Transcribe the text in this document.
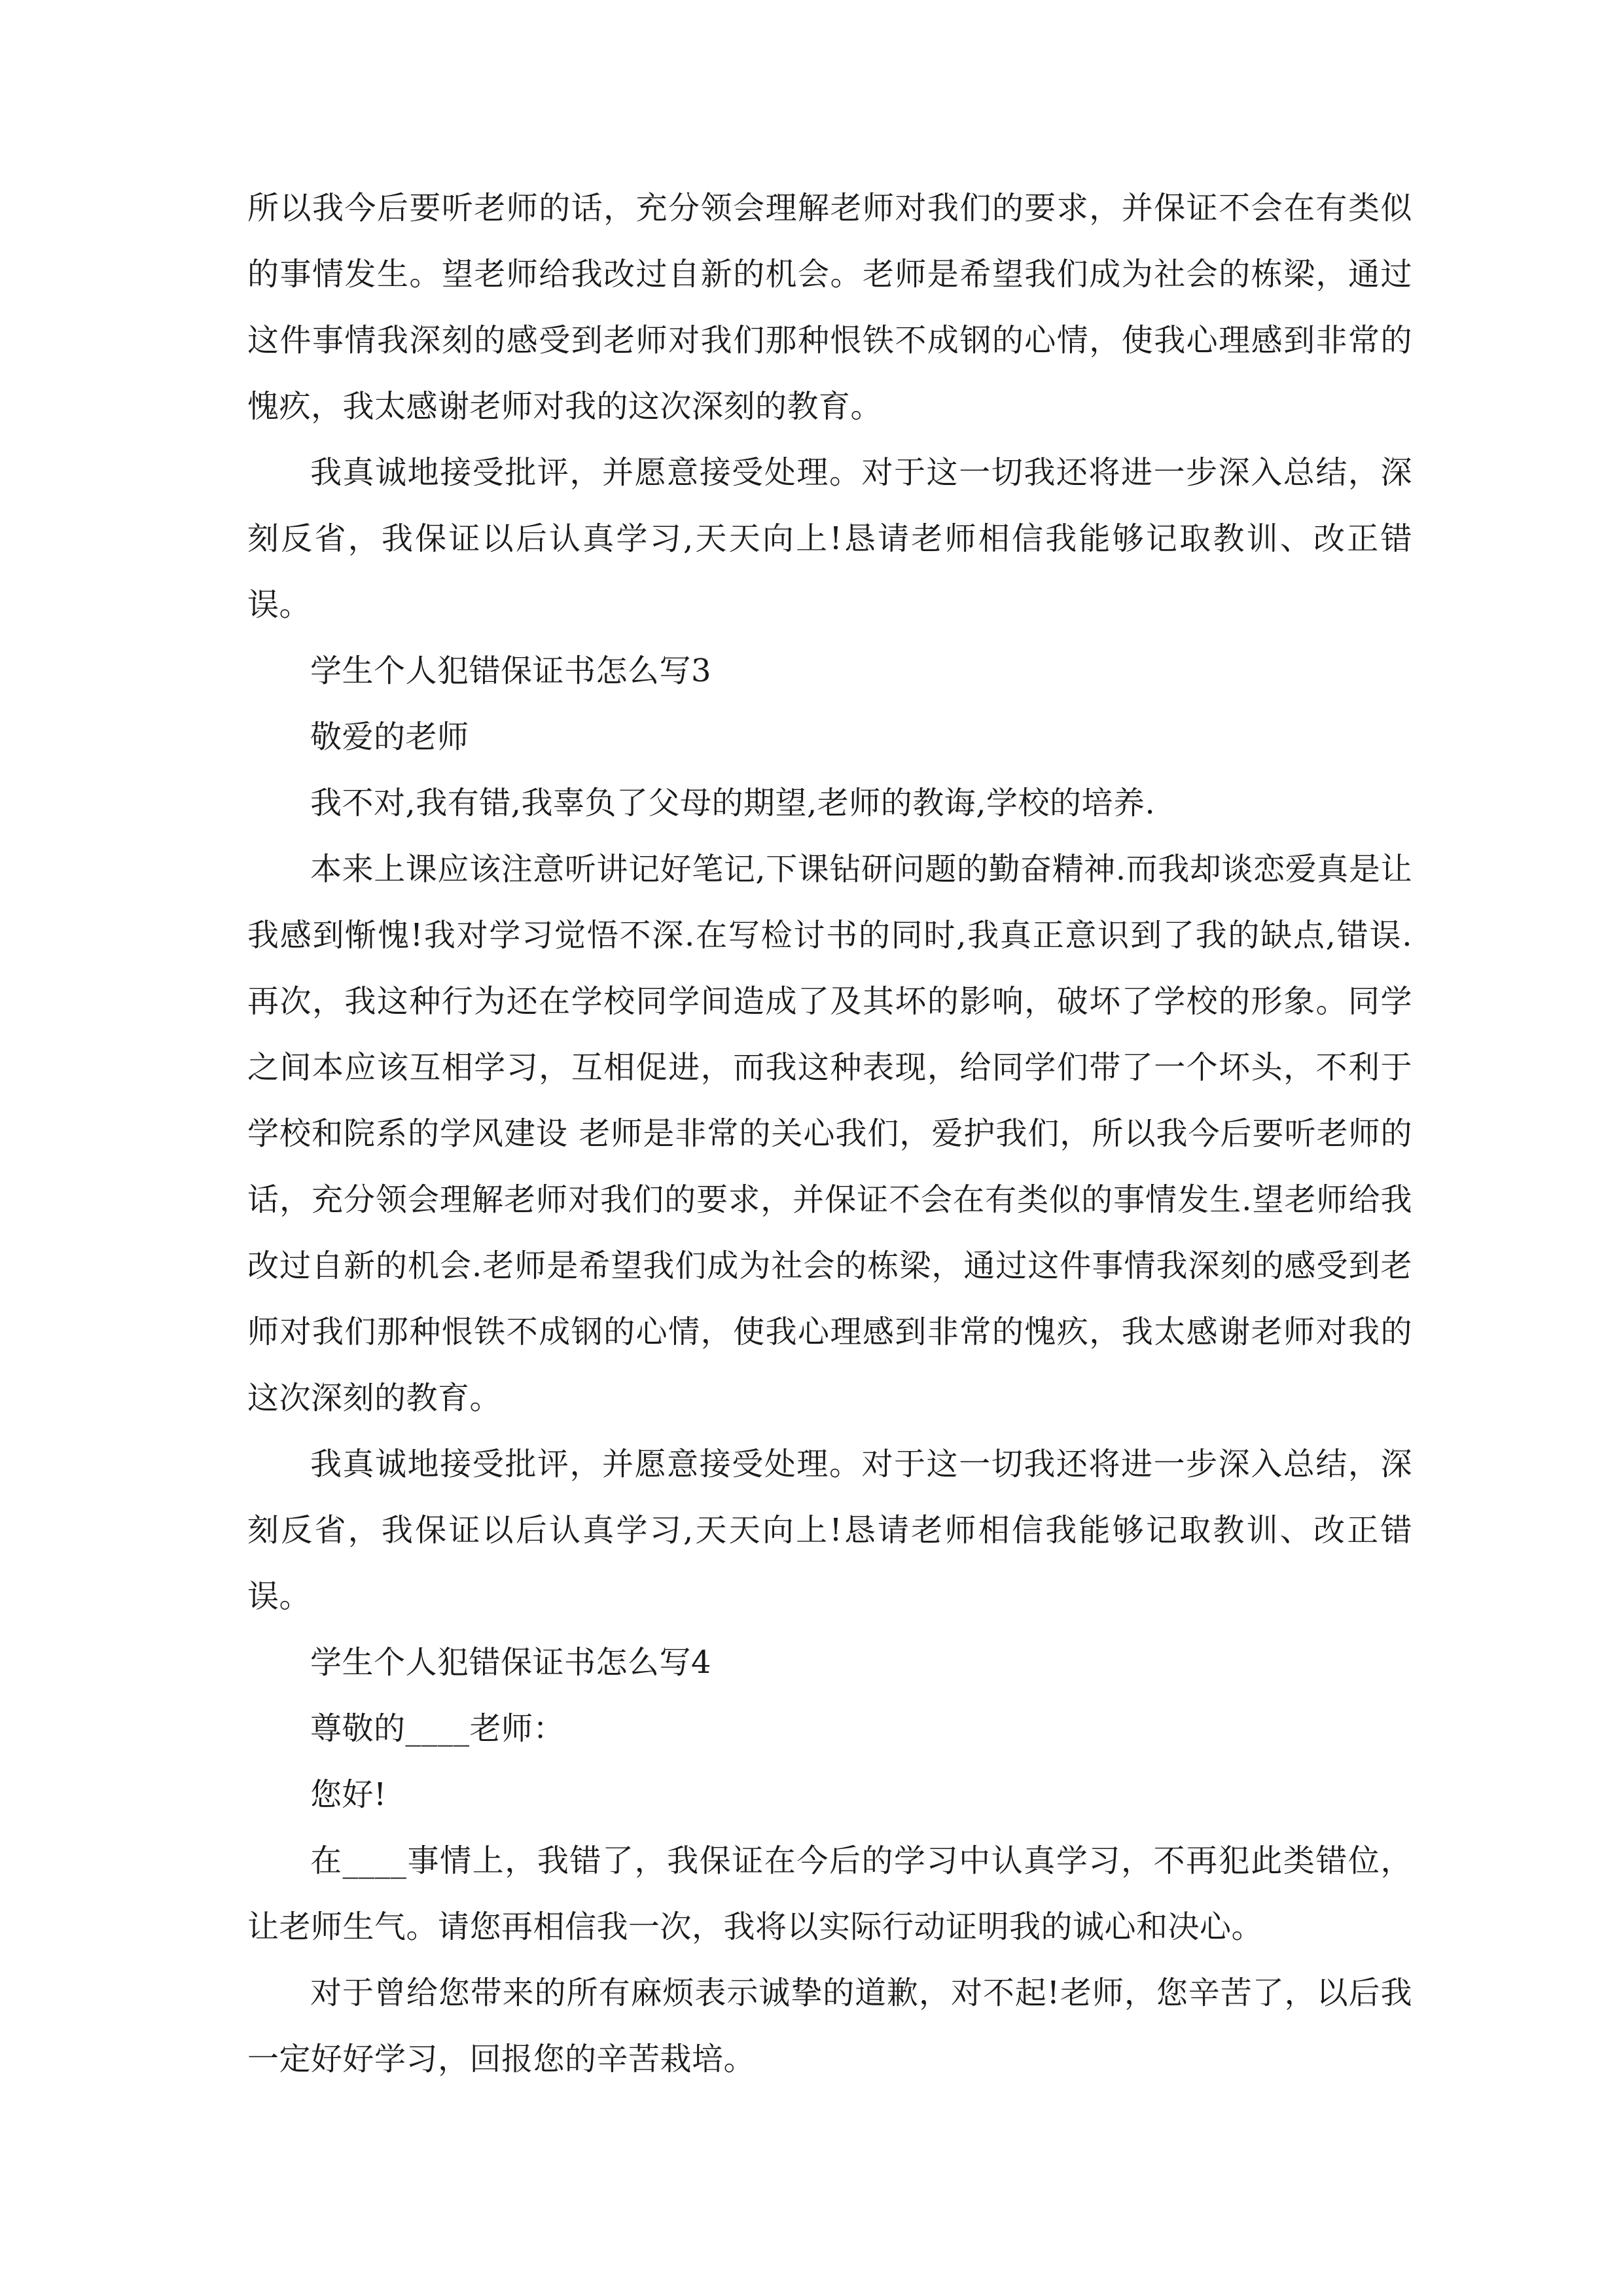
所以我今后要听老师的话，充分领会理解老师对我们的要求，并保证不会在有类似的事情发生。望老师给我改过自新的机会。老师是希望我们成为社会的栋梁，通过这件事情我深刻的感受到老师对我们那种恨铁不成钢的心情，使我心理感到非常的愧疚，我太感谢老师对我的这次深刻的教育。

我真诚地接受批评，并愿意接受处理。对于这一切我还将进一步深入总结，深刻反省，我保证以后认真学习,天天向上!恳请老师相信我能够记取教训、改正错误。

学生个人犯错保证书怎么写3

敬爱的老师

我不对,我有错,我辜负了父母的期望,老师的教诲,学校的培养.

本来上课应该注意听讲记好笔记,下课钻研问题的勤奋精神.而我却谈恋爱真是让我感到惭愧!我对学习觉悟不深.在写检讨书的同时,我真正意识到了我的缺点,错误.再次，我这种行为还在学校同学间造成了及其坏的影响，破坏了学校的形象。同学之间本应该互相学习，互相促进，而我这种表现，给同学们带了一个坏头，不利于学校和院系的学风建设 老师是非常的关心我们，爱护我们，所以我今后要听老师的话，充分领会理解老师对我们的要求，并保证不会在有类似的事情发生.望老师给我改过自新的机会.老师是希望我们成为社会的栋梁，通过这件事情我深刻的感受到老师对我们那种恨铁不成钢的心情，使我心理感到非常的愧疚，我太感谢老师对我的这次深刻的教育。

我真诚地接受批评，并愿意接受处理。对于这一切我还将进一步深入总结，深刻反省，我保证以后认真学习,天天向上!恳请老师相信我能够记取教训、改正错误。

学生个人犯错保证书怎么写4

尊敬的____老师：

您好!

在____事情上，我错了，我保证在今后的学习中认真学习，不再犯此类错位，让老师生气。请您再相信我一次，我将以实际行动证明我的诚心和决心。

对于曾给您带来的所有麻烦表示诚挚的道歉，对不起!老师，您辛苦了，以后我一定好好学习，回报您的辛苦栽培。
